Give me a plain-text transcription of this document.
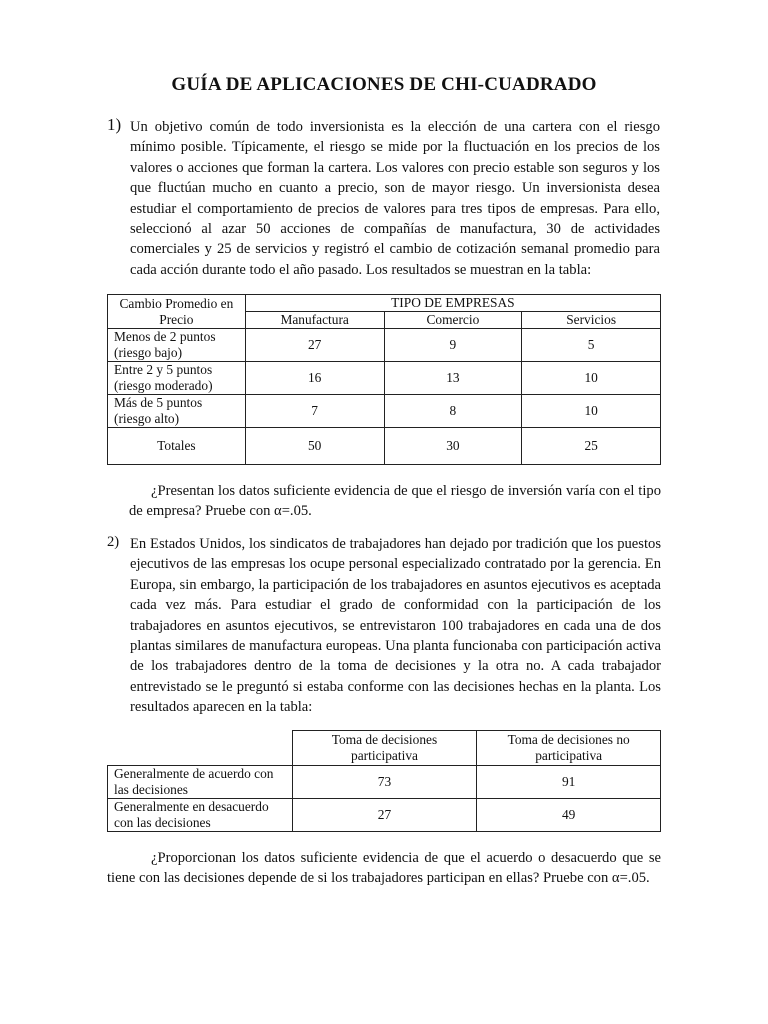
GUÍA DE APLICACIONES DE CHI-CUADRADO
1) Un objetivo común de todo inversionista es la elección de una cartera con el riesgo mínimo posible. Típicamente, el riesgo se mide por la fluctuación en los precios de los valores o acciones que forman la cartera. Los valores con precio estable son seguros y los que fluctúan mucho en cuanto a precio, son de mayor riesgo. Un inversionista desea estudiar el comportamiento de precios de valores para tres tipos de empresas. Para ello, seleccionó al azar 50 acciones de compañías de manufactura, 30 de actividades comerciales y 25 de servicios y registró el cambio de cotización semanal promedio para cada acción durante todo el año pasado. Los resultados se muestran en la tabla:

Cambio Promedio en Precio	TIPO DE EMPRESAS		
	Manufactura	Comercio	Servicios
Menos de 2 puntos (riesgo bajo)	27	9	5
Entre 2 y 5 puntos (riesgo moderado)	16	13	10
Más de 5 puntos (riesgo alto)	7	8	10
Totales	50	30	25

¿Presentan los datos suficiente evidencia de que el riesgo de inversión varía con el tipo de empresa? Pruebe con α=.05.

2) En Estados Unidos, los sindicatos de trabajadores han dejado por tradición que los puestos ejecutivos de las empresas los ocupe personal especializado contratado por la gerencia. En Europa, sin embargo, la participación de los trabajadores en asuntos ejecutivos es aceptada cada vez más. Para estudiar el grado de conformidad con la participación de los trabajadores en asuntos ejecutivos, se entrevistaron 100 trabajadores en cada una de dos plantas similares de manufactura europeas. Una planta funcionaba con participación activa de los trabajadores dentro de la toma de decisiones y la otra no. A cada trabajador entrevistado se le preguntó si estaba conforme con las decisiones hechas en la planta. Los resultados aparecen en la tabla:

	Toma de decisiones participativa	Toma de decisiones no participativa
Generalmente de acuerdo con las decisiones	73	91
Generalmente en desacuerdo con las decisiones	27	49

¿Proporcionan los datos suficiente evidencia de que el acuerdo o desacuerdo que se tiene con las decisiones depende de si los trabajadores participan en ellas? Pruebe con α=.05.
